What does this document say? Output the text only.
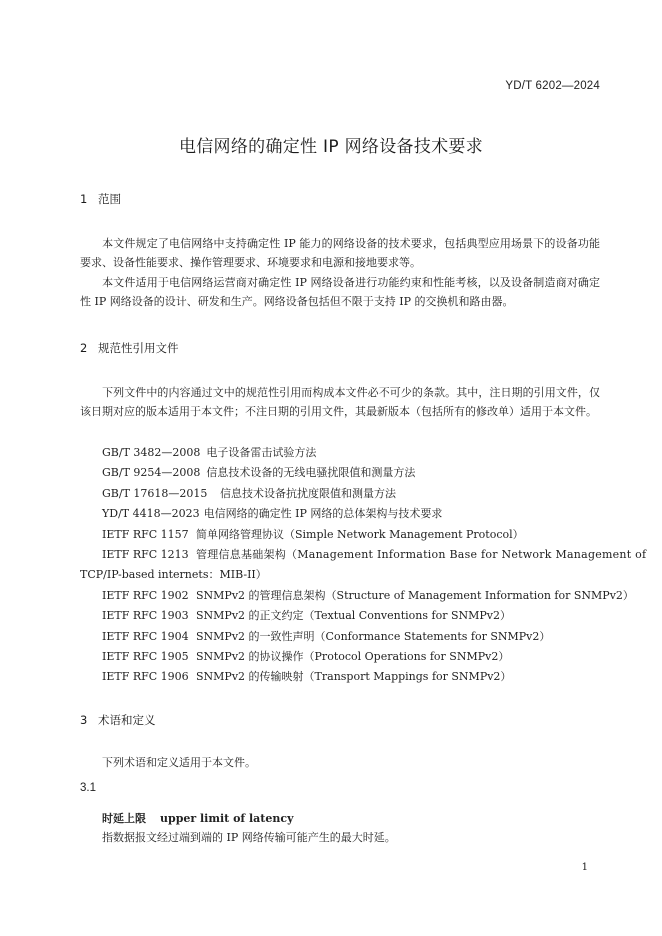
YD/T 6202—2024
电信网络的确定性 IP 网络设备技术要求
1 范围
本文件规定了电信网络中支持确定性 IP 能力的网络设备的技术要求，包括典型应用场景下的设备功能要求、设备性能要求、操作管理要求、环境要求和电源和接地要求等。
本文件适用于电信网络运营商对确定性 IP 网络设备进行功能约束和性能考核，以及设备制造商对确定性 IP 网络设备的设计、研发和生产。网络设备包括但不限于支持 IP 的交换机和路由器。
2 规范性引用文件
下列文件中的内容通过文中的规范性引用而构成本文件必不可少的条款。其中，注日期的引用文件，仅该日期对应的版本适用于本文件；不注日期的引用文件，其最新版本（包括所有的修改单）适用于本文件。
GB/T 3482—2008 电子设备雷击试验方法
GB/T 9254—2008 信息技术设备的无线电骚扰限值和测量方法
GB/T 17618—2015 信息技术设备抗扰度限值和测量方法
YD/T 4418—2023 电信网络的确定性 IP 网络的总体架构与技术要求
IETF RFC 1157 简单网络管理协议（Simple Network Management Protocol）
IETF RFC 1213 管理信息基础架构（Management Information Base for Network Management of
TCP/IP-based internets：MIB-II）
IETF RFC 1902 SNMPv2 的管理信息架构（Structure of Management Information for SNMPv2）
IETF RFC 1903 SNMPv2 的正文约定（Textual Conventions for SNMPv2）
IETF RFC 1904 SNMPv2 的一致性声明（Conformance Statements for SNMPv2）
IETF RFC 1905 SNMPv2 的协议操作（Protocol Operations for SNMPv2）
IETF RFC 1906 SNMPv2 的传输映射（Transport Mappings for SNMPv2）
3 术语和定义
下列术语和定义适用于本文件。
3.1
时延上限 upper limit of latency
指数据报文经过端到端的 IP 网络传输可能产生的最大时延。
1
